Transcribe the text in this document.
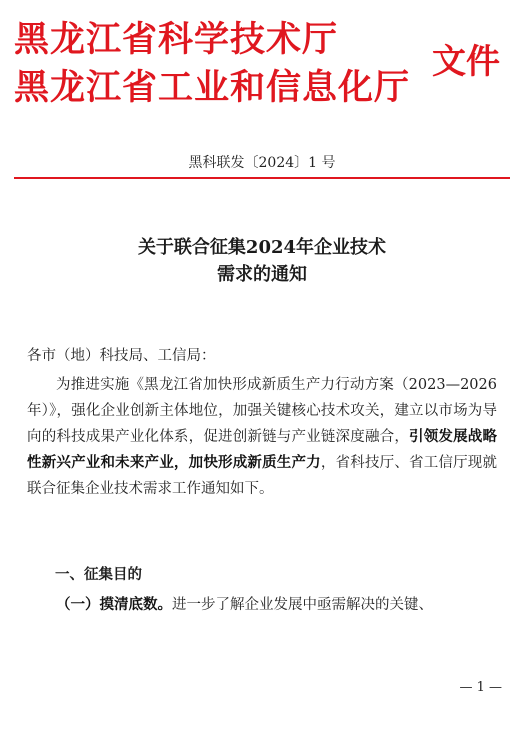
黑龙江省科学技术厅
黑龙江省工业和信息化厅
文件
黑科联发〔2024〕1 号
关于联合征集2024年企业技术
需求的通知
各市（地）科技局、工信局：
为推进实施《黑龙江省加快形成新质生产力行动方案（2023—2026年）》，强化企业创新主体地位，加强关键核心技术攻关，建立以市场为导向的科技成果产业化体系，促进创新链与产业链深度融合，引领发展战略性新兴产业和未来产业，加快形成新质生产力，省科技厅、省工信厅现就联合征集企业技术需求工作通知如下。
一、征集目的
（一）摸清底数。进一步了解企业发展中亟需解决的关键、
— 1 —
